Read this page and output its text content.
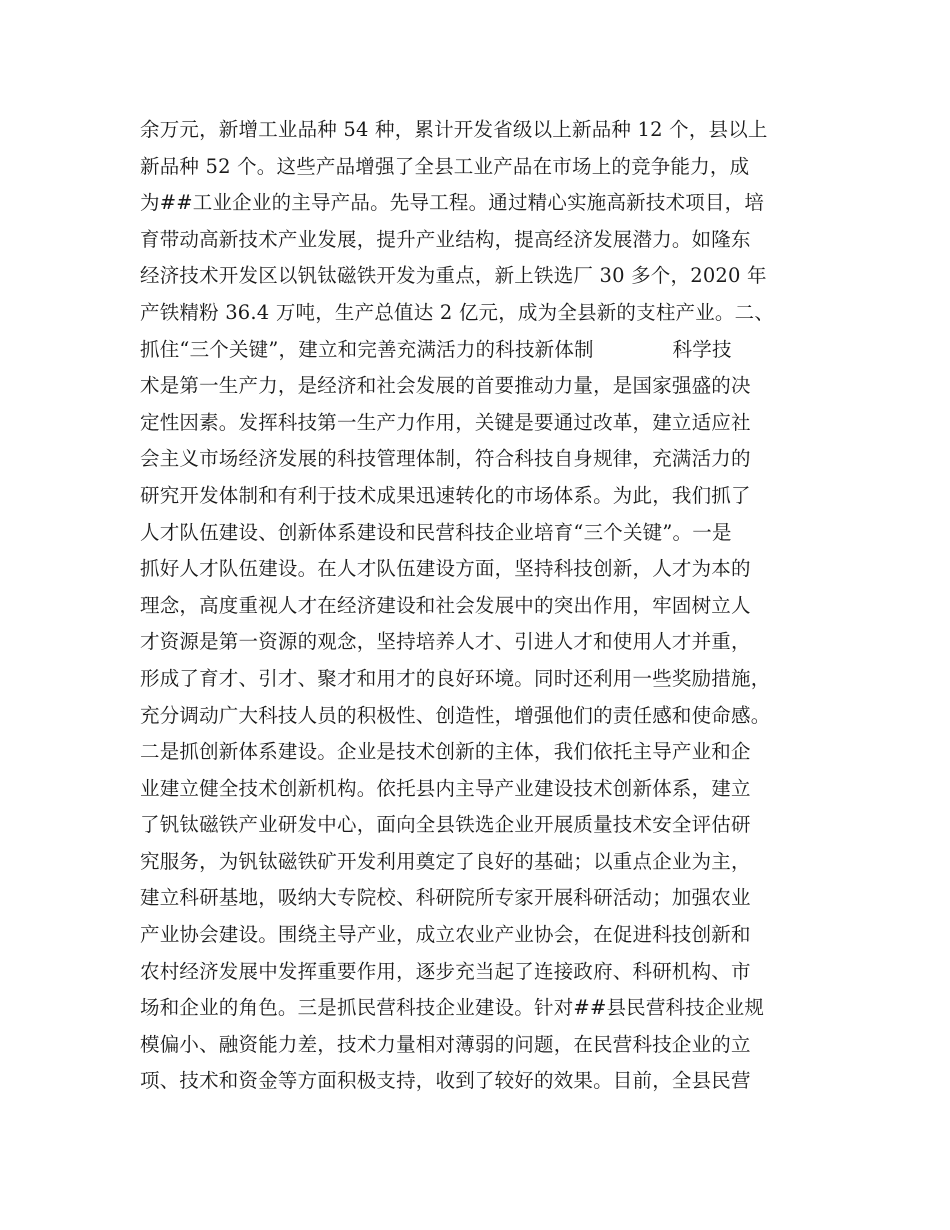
余万元，新增工业品种 54 种，累计开发省级以上新品种 12 个，县以上
新品种 52 个。这些产品增强了全县工业产品在市场上的竞争能力，成
为##工业企业的主导产品。先导工程。通过精心实施高新技术项目，培
育带动高新技术产业发展，提升产业结构，提高经济发展潜力。如隆东
经济技术开发区以钒钛磁铁开发为重点，新上铁选厂 30 多个，2020 年
产铁精粉 36.4 万吨，生产总值达 2 亿元，成为全县新的支柱产业。二、
抓住“三个关键”，建立和完善充满活力的科技新体制　　　　科学技
术是第一生产力，是经济和社会发展的首要推动力量，是国家强盛的决
定性因素。发挥科技第一生产力作用，关键是要通过改革，建立适应社
会主义市场经济发展的科技管理体制，符合科技自身规律，充满活力的
研究开发体制和有利于技术成果迅速转化的市场体系。为此，我们抓了
人才队伍建设、创新体系建设和民营科技企业培育“三个关键”。一是
抓好人才队伍建设。在人才队伍建设方面，坚持科技创新，人才为本的
理念，高度重视人才在经济建设和社会发展中的突出作用，牢固树立人
才资源是第一资源的观念，坚持培养人才、引进人才和使用人才并重，
形成了育才、引才、聚才和用才的良好环境。同时还利用一些奖励措施，
充分调动广大科技人员的积极性、创造性，增强他们的责任感和使命感。
二是抓创新体系建设。企业是技术创新的主体，我们依托主导产业和企
业建立健全技术创新机构。依托县内主导产业建设技术创新体系，建立
了钒钛磁铁产业研发中心，面向全县铁选企业开展质量技术安全评估研
究服务，为钒钛磁铁矿开发利用奠定了良好的基础；以重点企业为主，
建立科研基地，吸纳大专院校、科研院所专家开展科研活动；加强农业
产业协会建设。围绕主导产业，成立农业产业协会，在促进科技创新和
农村经济发展中发挥重要作用，逐步充当起了连接政府、科研机构、市
场和企业的角色。三是抓民营科技企业建设。针对##县民营科技企业规
模偏小、融资能力差，技术力量相对薄弱的问题，在民营科技企业的立
项、技术和资金等方面积极支持，收到了较好的效果。目前，全县民营
